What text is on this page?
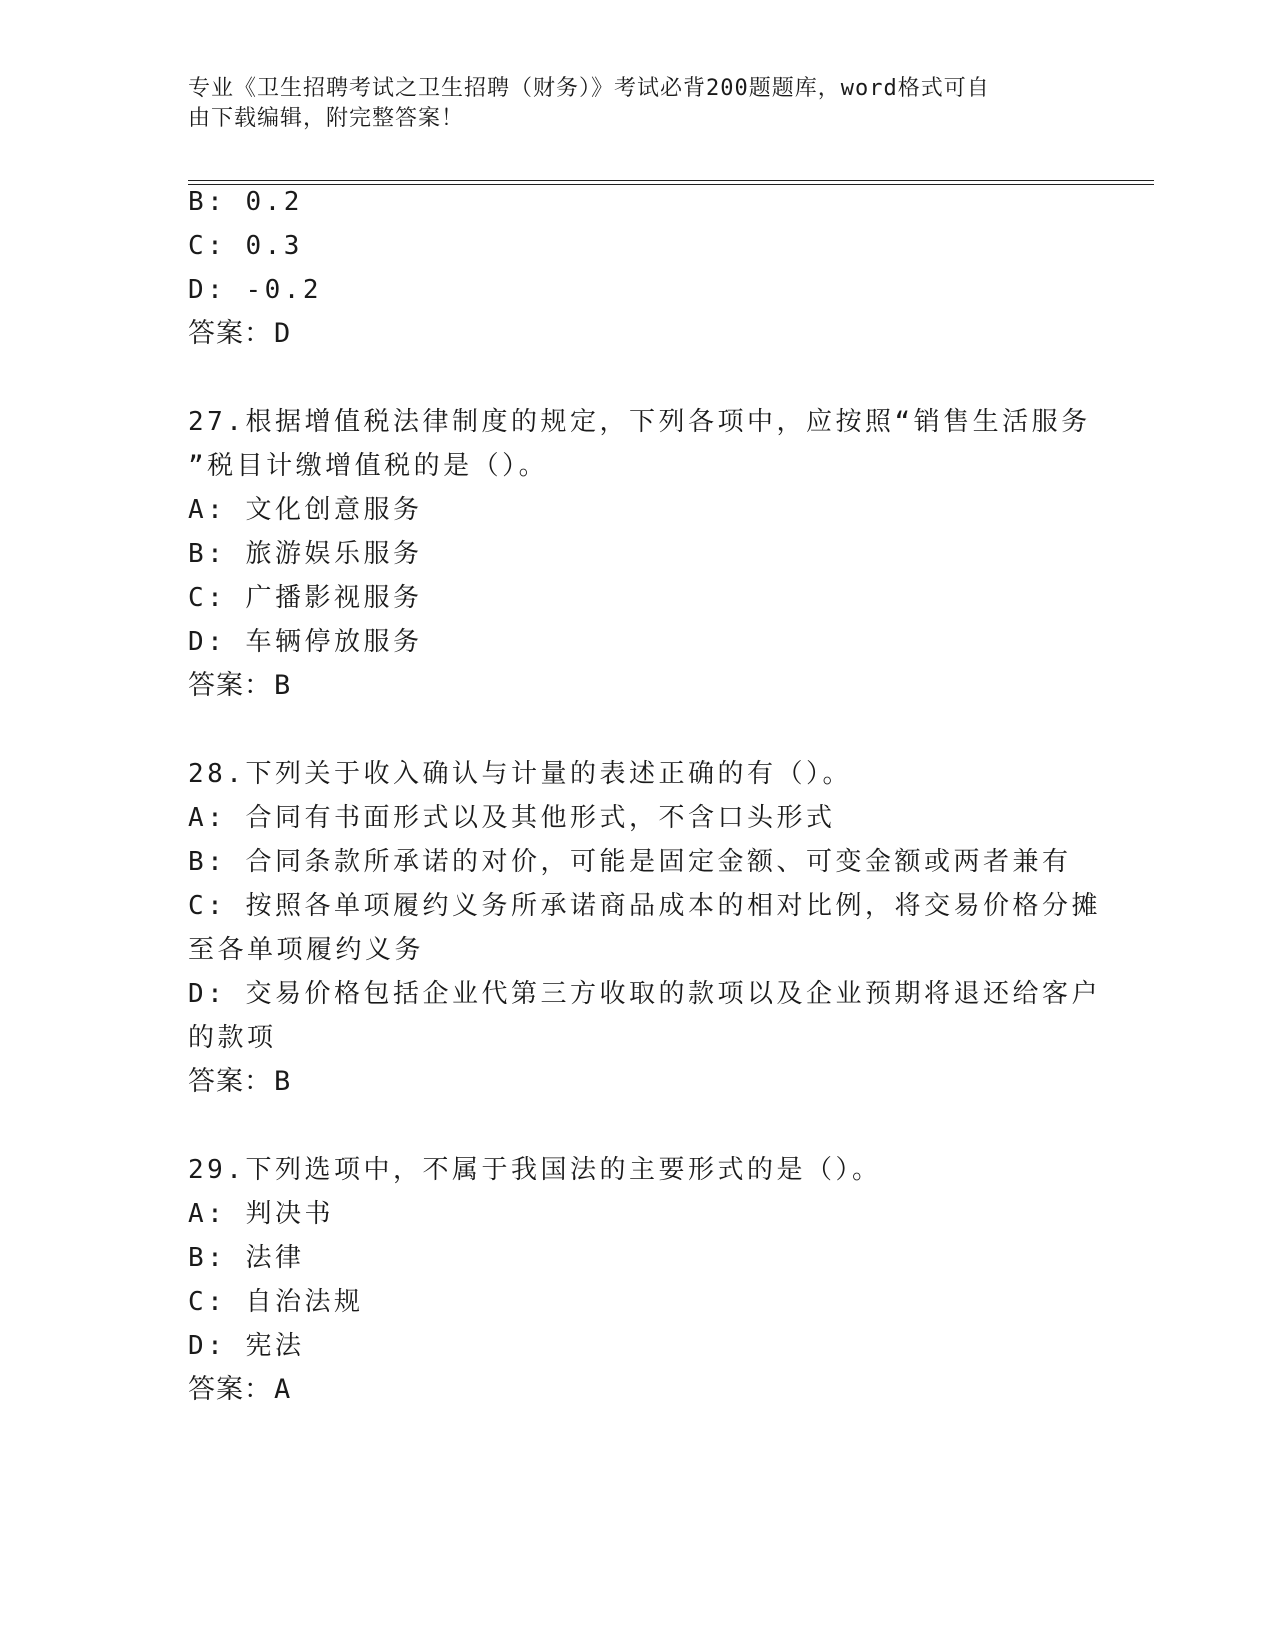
专业《卫生招聘考试之卫生招聘（财务）》考试必背200题题库，word格式可自
由下载编辑，附完整答案！
B: 0.2
C: 0.3
D: -0.2
答案：D
27.根据增值税法律制度的规定，下列各项中，应按照“销售生活服务
”税目计缴增值税的是（）。
A: 文化创意服务
B: 旅游娱乐服务
C: 广播影视服务
D: 车辆停放服务
答案：B
28.下列关于收入确认与计量的表述正确的有（）。
A: 合同有书面形式以及其他形式，不含口头形式
B: 合同条款所承诺的对价，可能是固定金额、可变金额或两者兼有
C: 按照各单项履约义务所承诺商品成本的相对比例，将交易价格分摊
至各单项履约义务
D: 交易价格包括企业代第三方收取的款项以及企业预期将退还给客户
的款项
答案：B
29.下列选项中，不属于我国法的主要形式的是（）。
A: 判决书
B: 法律
C: 自治法规
D: 宪法
答案：A
